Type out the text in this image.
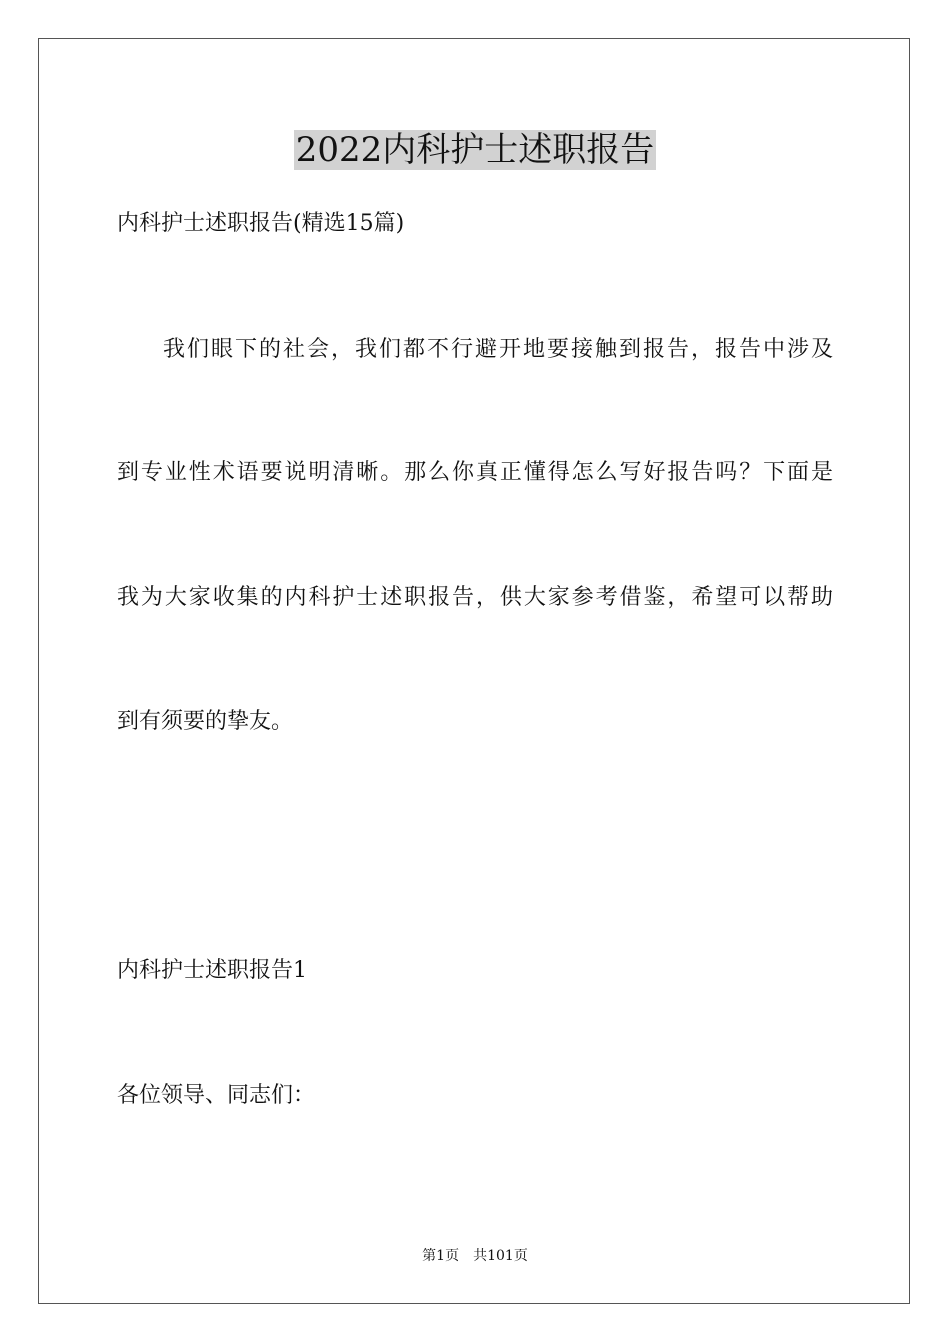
2022内科护士述职报告
内科护士述职报告(精选15篇)
我们眼下的社会，我们都不行避开地要接触到报告，报告中涉及
到专业性术语要说明清晰。那么你真正懂得怎么写好报告吗？下面是
我为大家收集的内科护士述职报告，供大家参考借鉴，希望可以帮助
到有须要的挚友。
内科护士述职报告1
各位领导、同志们：
第1页 共101页
